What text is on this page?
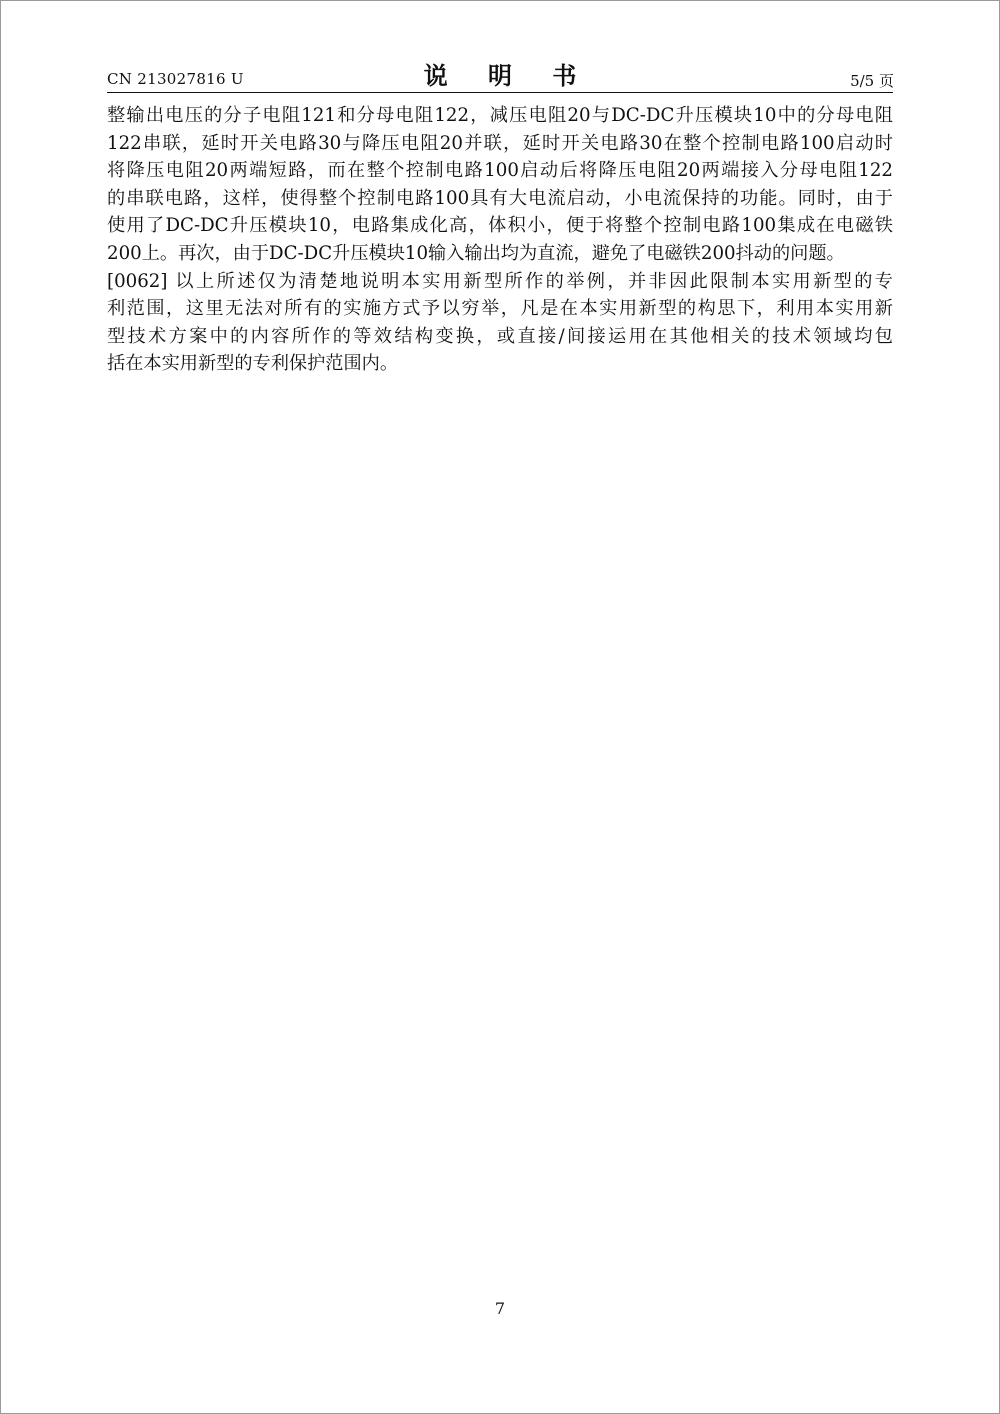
CN 213027816 U	说 明 书	5/5 页
整输出电压的分子电阻121和分母电阻122，减压电阻20与DC-DC升压模块10中的分母电阻
122串联，延时开关电路30与降压电阻20并联，延时开关电路30在整个控制电路100启动时
将降压电阻20两端短路，而在整个控制电路100启动后将降压电阻20两端接入分母电阻122
的串联电路，这样，使得整个控制电路100具有大电流启动，小电流保持的功能。同时，由于
使用了DC-DC升压模块10，电路集成化高，体积小，便于将整个控制电路100集成在电磁铁
200上。再次，由于DC-DC升压模块10输入输出均为直流，避免了电磁铁200抖动的问题。
[0062] 以上所述仅为清楚地说明本实用新型所作的举例，并非因此限制本实用新型的专
利范围，这里无法对所有的实施方式予以穷举，凡是在本实用新型的构思下，利用本实用新
型技术方案中的内容所作的等效结构变换，或直接/间接运用在其他相关的技术领域均包
括在本实用新型的专利保护范围内。
7
